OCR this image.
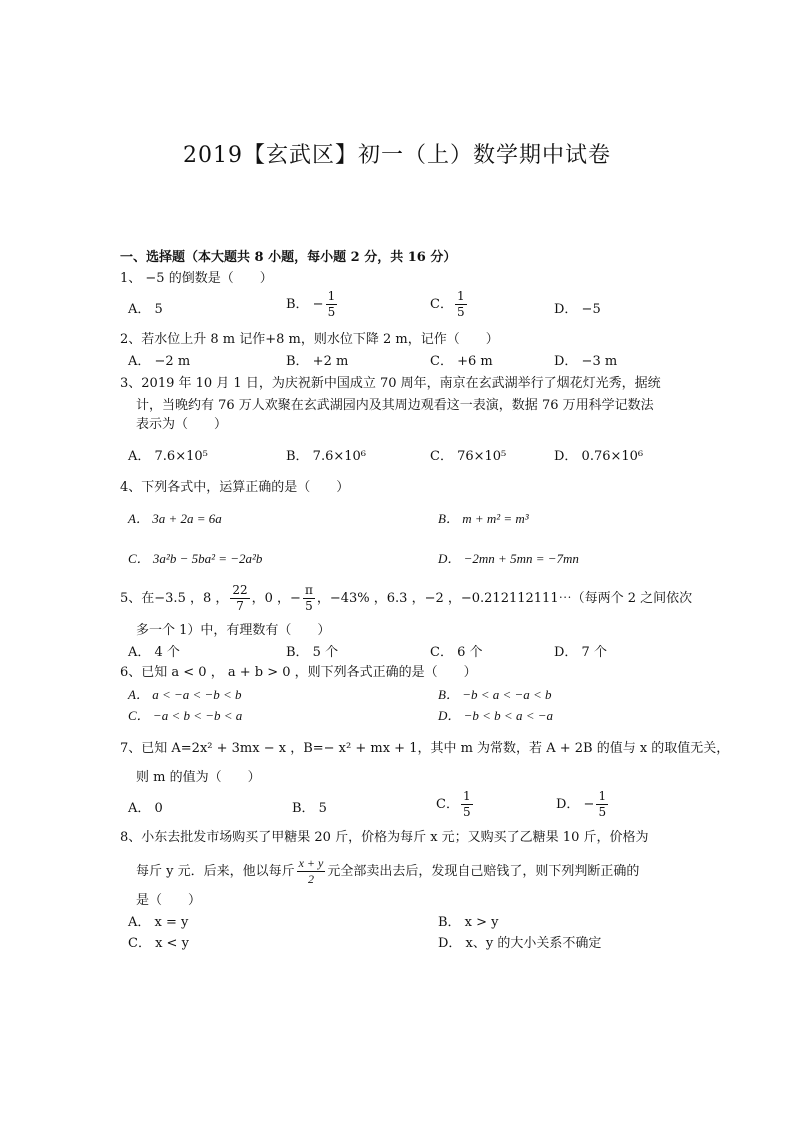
2019【玄武区】初一（上）数学期中试卷
一、选择题（本大题共 8 小题，每小题 2 分，共 16 分）
1、 −5 的倒数是（　　）
A． 5	B． − $\frac{1}{5}$	C． $\frac{1}{5}$	D． −5
2、若水位上升 8 m 记作+8 m，则水位下降 2 m，记作（　　）
A． −2 m	B． +2 m	C． +6 m	D． −3 m
3、2019 年 10 月 1 日，为庆祝新中国成立 70 周年，南京在玄武湖举行了烟花灯光秀，据统
计，当晚约有 76 万人欢聚在玄武湖园内及其周边观看这一表演，数据 76 万用科学记数法
表示为（　　）
A． 7.6×10⁵	B． 7.6×10⁶	C． 76×10⁵	D． 0.76×10⁶
4、下列各式中，运算正确的是（　　）
A． 3a + 2a = 6a	B． m + m² = m³
C． 3a²b − 5ba² = −2a²b	D． −2mn + 5mn = −7mn
5、在−3.5 ，8 ， $\frac{22}{7}$ ，0 ，− $\frac{\pi}{5}$ ，−43% ，6.3 ，−2 ，−0.212112111⋯（每两个 2 之间依次
多一个 1）中，有理数有（　　）
A． 4 个	B． 5 个	C． 6 个	D． 7 个
6、已知 a < 0 ， a + b > 0 ，则下列各式正确的是（　　）
A． a < −a < −b < b	B． −b < a < −a < b
C． −a < b < −b < a	D． −b < b < a < −a
7、已知 A=2x² + 3mx − x ，B=− x² + mx + 1，其中 m 为常数，若 A + 2B 的值与 x 的取值无关，
则 m 的值为（　　）
A． 0	B． 5	C． $\frac{1}{5}$	D． − $\frac{1}{5}$
8、小东去批发市场购买了甲糖果 20 斤，价格为每斤 x 元；又购买了乙糖果 10 斤，价格为
每斤 y 元．后来，他以每斤 $\frac{x + y}{2}$ 元全部卖出去后，发现自己赔钱了，则下列判断正确的
是（　　）
A． x = y	B． x > y
C． x < y	D． x、y 的大小关系不确定
